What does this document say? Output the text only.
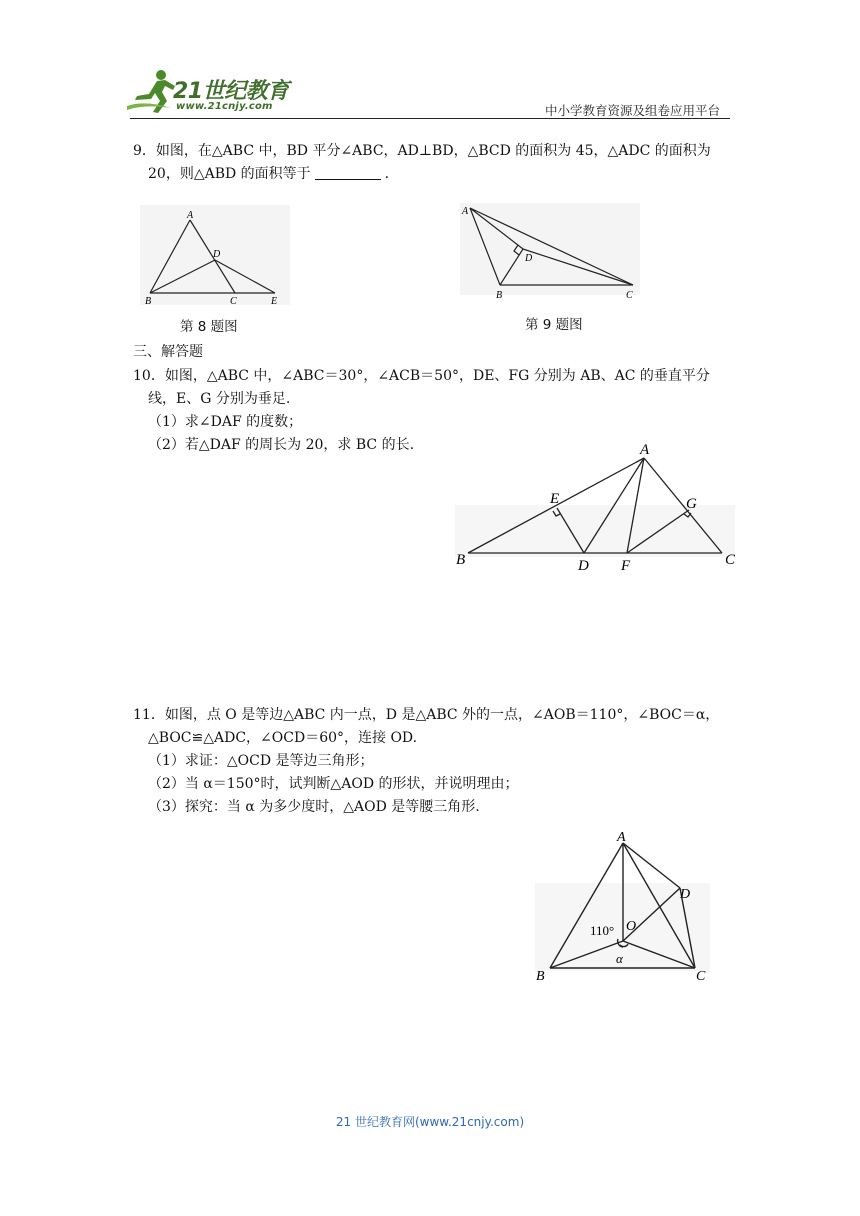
21世纪教育
www.21cnjy.com	中小学教育资源及组卷应用平台
9．如图，在△ABC 中，BD 平分∠ABC，AD⊥BD，△BCD 的面积为 45，△ADC 的面积为
20，则△ABD 的面积等于	.
A
B	C
D
E
第 8 题图
A
B	C
D
第 9 题图
三、解答题
10．如图，△ABC 中，∠ABC＝30°，∠ACB＝50°，DE、FG 分别为 AB、AC 的垂直平分
线，E、G 分别为垂足.
（1）求∠DAF 的度数；
（2）若△DAF 的周长为 20，求 BC 的长.	A
B	C
D
E
F
G
11．如图，点 O 是等边△ABC 内一点，D 是△ABC 外的一点，∠AOB＝110°，∠BOC＝α，
△BOC≌△ADC，∠OCD＝60°，连接 OD.
（1）求证：△OCD 是等边三角形；
（2）当 α＝150°时，试判断△AOD 的形状，并说明理由；
（3）探究：当 α 为多少度时，△AOD 是等腰三角形.
A
B	C
D
O
110°
α
21 世纪教育网(www.21cnjy.com)
